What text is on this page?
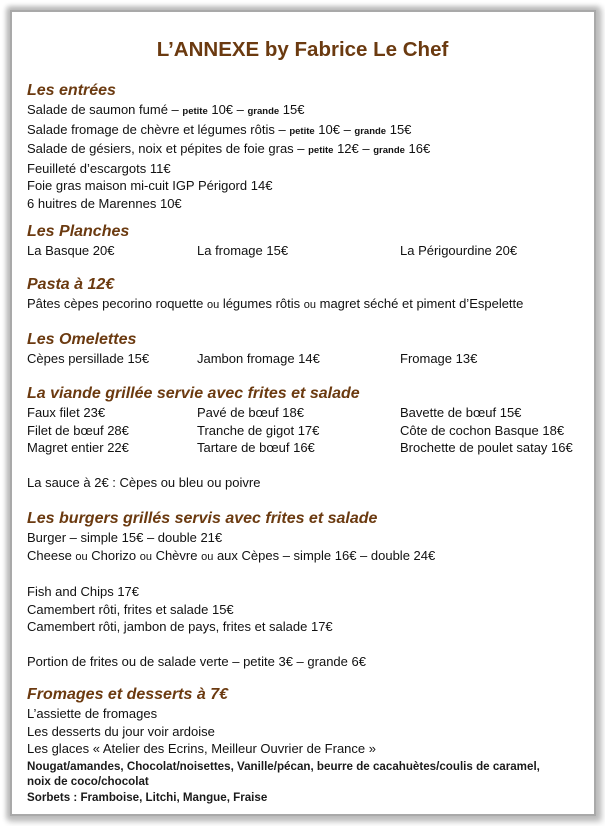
L’ANNEXE by Fabrice Le Chef
Les entrées
Salade de saumon fumé – petite 10€ – grande 15€
Salade fromage de chèvre et légumes rôtis – petite 10€ – grande 15€
Salade de gésiers, noix et pépites de foie gras – petite 12€ – grande 16€
Feuilleté d’escargots 11€
Foie gras maison mi-cuit IGP Périgord 14€
6 huitres de Marennes 10€
Les Planches
La Basque 20€	La fromage 15€	La Périgourdine 20€
Pasta à 12€
Pâtes cèpes pecorino roquette ou légumes rôtis ou magret séché et piment d’Espelette
Les Omelettes
Cèpes persillade 15€	Jambon fromage 14€	Fromage 13€
La viande grillée servie avec frites et salade
Faux filet 23€	Pavé de bœuf 18€	Bavette de bœuf 15€
Filet de bœuf 28€	Tranche de gigot 17€	Côte de cochon Basque 18€
Magret entier 22€	Tartare de bœuf 16€	Brochette de poulet satay 16€
La sauce à 2€ : Cèpes ou bleu ou poivre
Les burgers grillés servis avec frites et salade
Burger – simple 15€ – double 21€
Cheese ou Chorizo ou Chèvre ou aux Cèpes – simple 16€ – double 24€
Fish and Chips 17€
Camembert rôti, frites et salade 15€
Camembert rôti, jambon de pays, frites et salade 17€
Portion de frites ou de salade verte – petite 3€ – grande 6€
Fromages et desserts à 7€
L’assiette de fromages
Les desserts du jour voir ardoise
Les glaces « Atelier des Ecrins, Meilleur Ouvrier de France »
Nougat/amandes, Chocolat/noisettes, Vanille/pécan, beurre de cacahuètes/coulis de caramel,
noix de coco/chocolat
Sorbets : Framboise, Litchi, Mangue, Fraise
